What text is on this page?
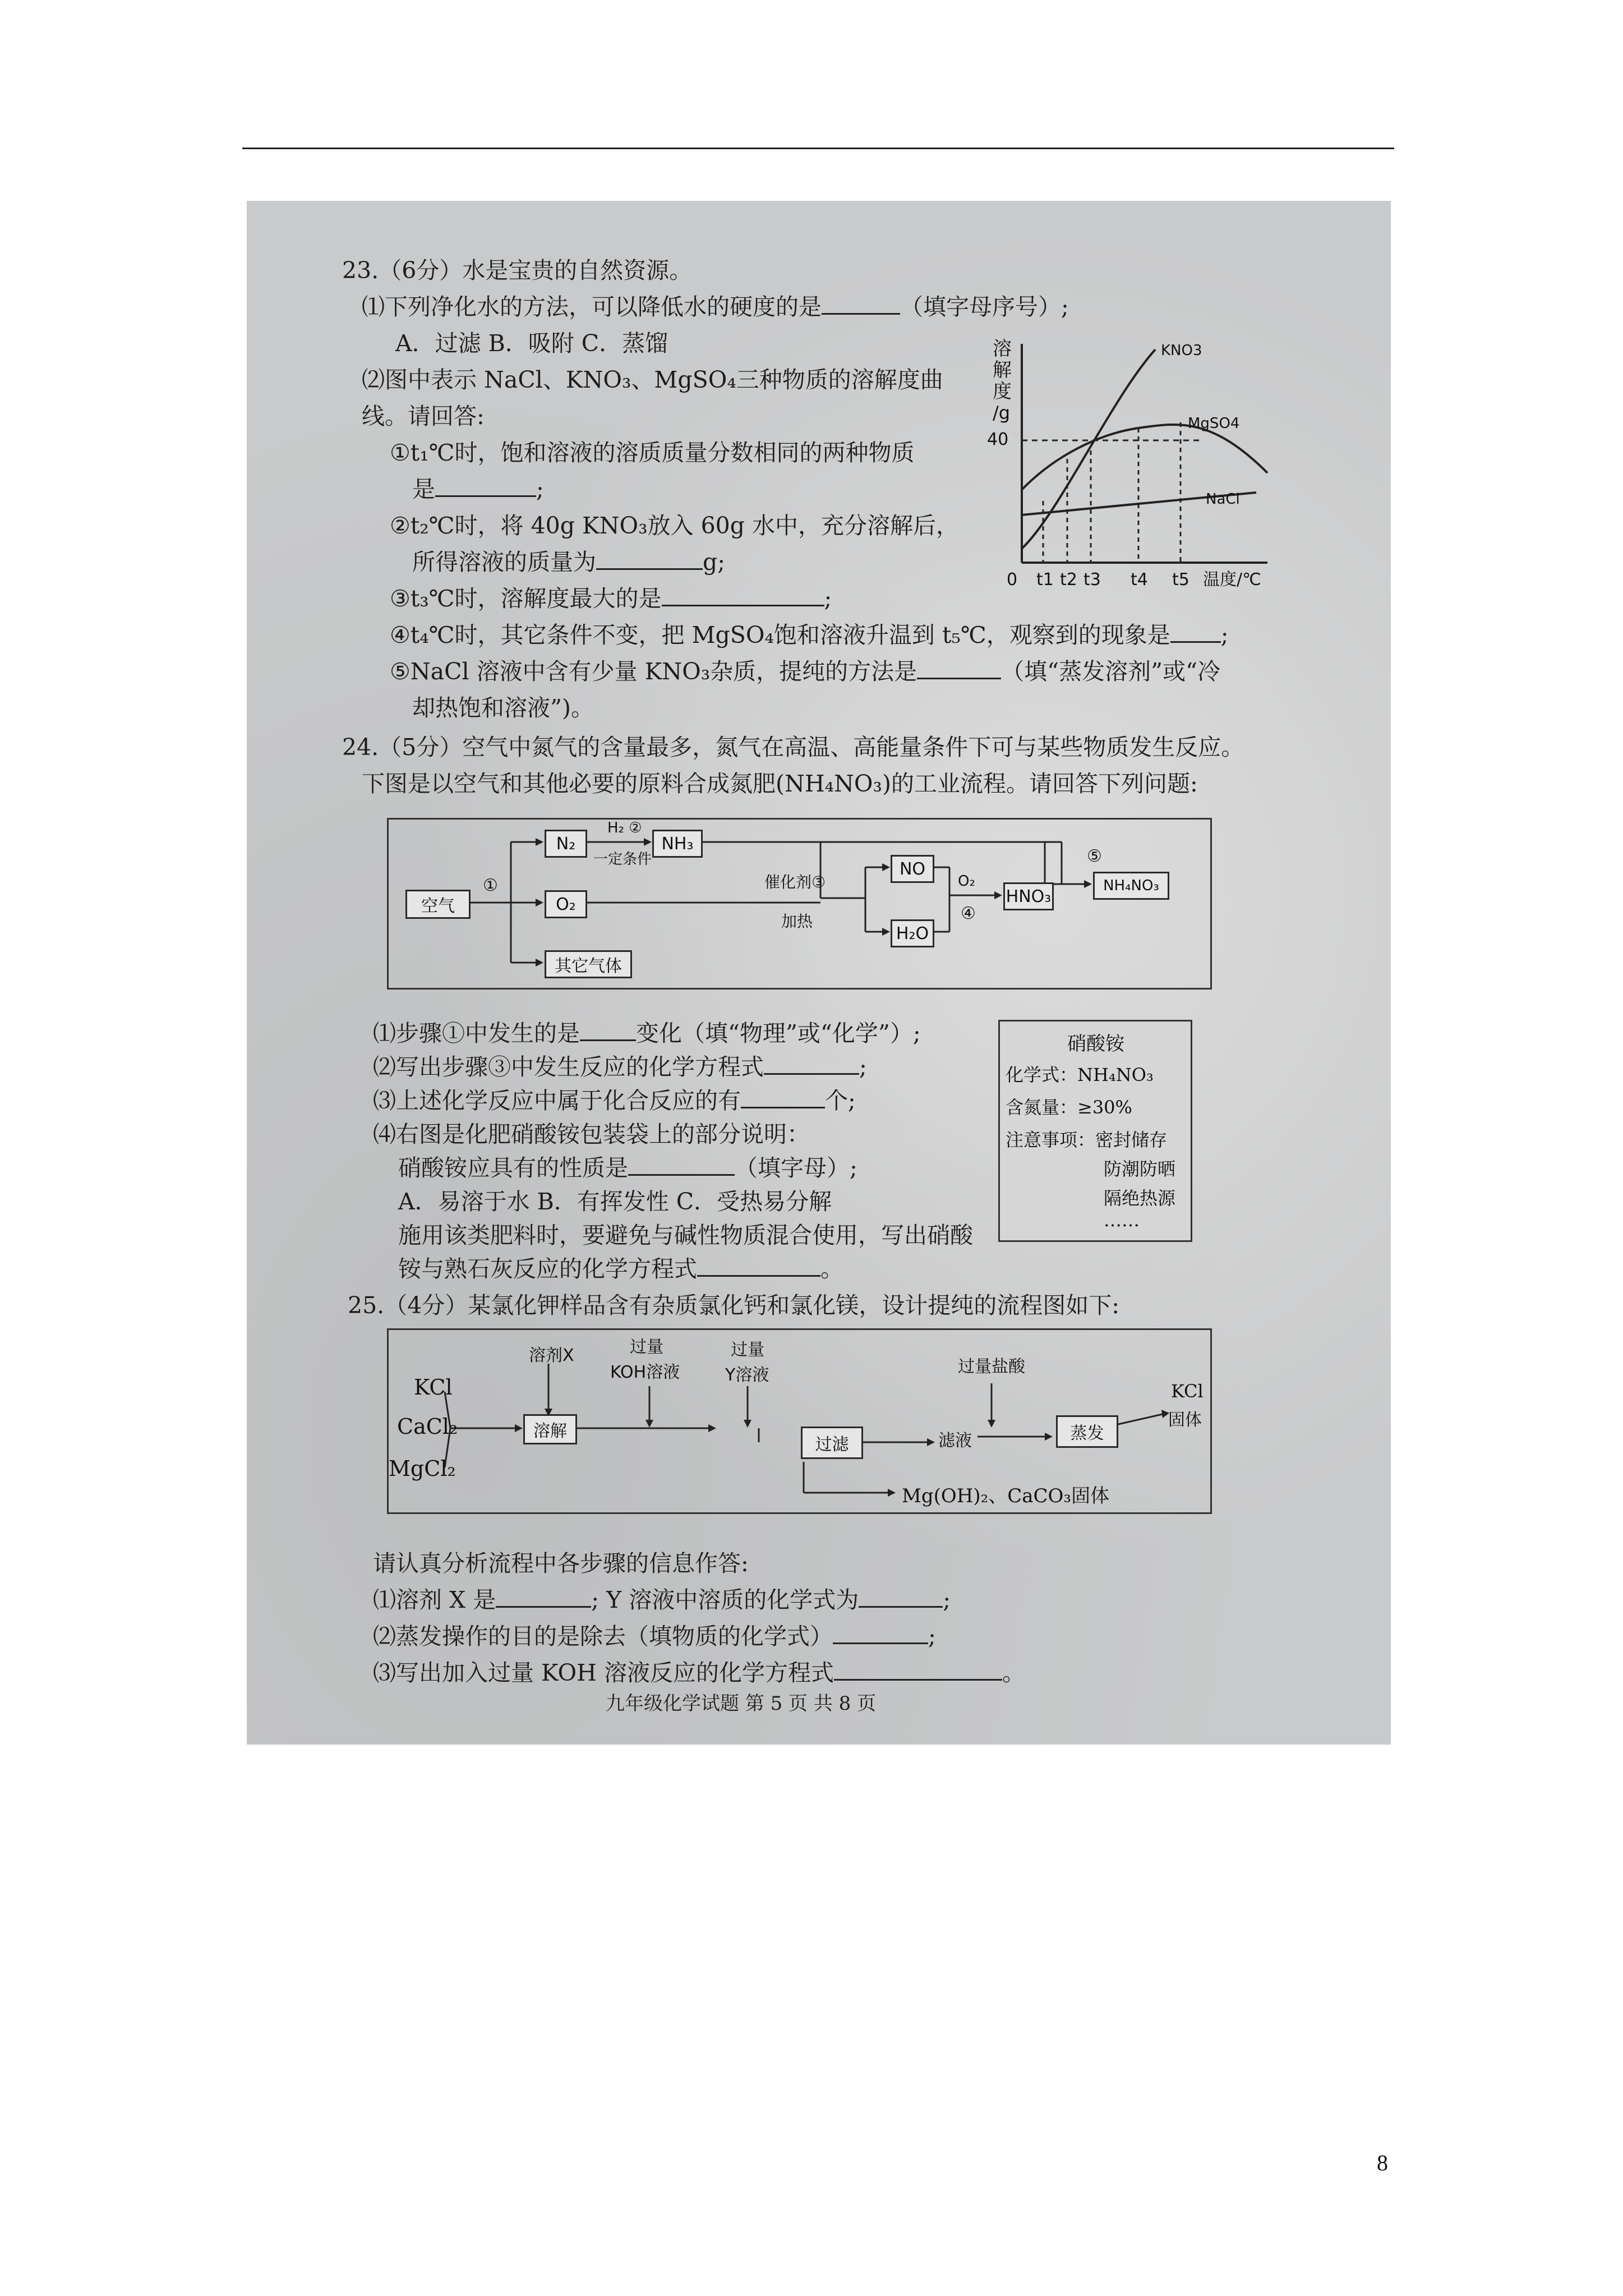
23.（6分）水是宝贵的自然资源。
⑴下列净化水的方法，可以降低水的硬度的是	（填字母序号）;
A．过滤 B．吸附 C．蒸馏
⑵图中表示 NaCl、KNO₃、MgSO₄三种物质的溶解度曲
线。请回答:
①t₁℃时，饱和溶液的溶质质量分数相同的两种物质
是	;
②t₂℃时，将 40g KNO₃放入 60g 水中，充分溶解后，
所得溶液的质量为	g;
③t₃℃时，溶解度最大的是	;
④t₄℃时，其它条件不变，把 MgSO₄饱和溶液升温到 t₅℃，观察到的现象是 ;
⑤NaCl 溶液中含有少量 KNO₃杂质，提纯的方法是	（填“蒸发溶剂”或“冷
却热饱和溶液”)。
溶
解
度
/g
40
KNO3
MgSO4
NaCl
0 t1 t2 t3 t4 t5 温度/℃
24.（5分）空气中氮气的含量最多，氮气在高温、高能量条件下可与某些物质发生反应。
下图是以空气和其他必要的原料合成氮肥(NH₄NO₃)的工业流程。请回答下列问题:
空气
①
N₂
O₂
其它气体
H₂ ②
一定条件
NH₃
催化剂③
加热
NO
H₂O
O₂
④
HNO₃
⑤
NH₄NO₃
⑴步骤①中发生的是 变化（填“物理”或“化学”）;
⑵写出步骤③中发生反应的化学方程式	;
⑶上述化学反应中属于化合反应的有	个;
⑷右图是化肥硝酸铵包装袋上的部分说明：
硝酸铵应具有的性质是	（填字母）;
A．易溶于水 B．有挥发性 C．受热易分解
施用该类肥料时，要避免与碱性物质混合使用，写出硝酸
铵与熟石灰反应的化学方程式	。
硝酸铵
化学式：NH₄NO₃
含氮量：≥30%
注意事项：密封储存
防潮防晒
隔绝热源
……
25.（4分）某氯化钾样品含有杂质氯化钙和氯化镁，设计提纯的流程图如下:
KCl
CaCl₂
MgCl₂
溶剂X	过量
KOH溶液
过量
Y溶液
溶解
过滤	滤液
过量盐酸
蒸发
KCl
固体
Mg(OH)₂、CaCO₃固体
请认真分析流程中各步骤的信息作答:
⑴溶剂 X 是	; Y 溶液中溶质的化学式为	;
⑵蒸发操作的目的是除去（填物质的化学式）	;
⑶写出加入过量 KOH 溶液反应的化学方程式	。
九年级化学试题 第 5 页 共 8 页
8
